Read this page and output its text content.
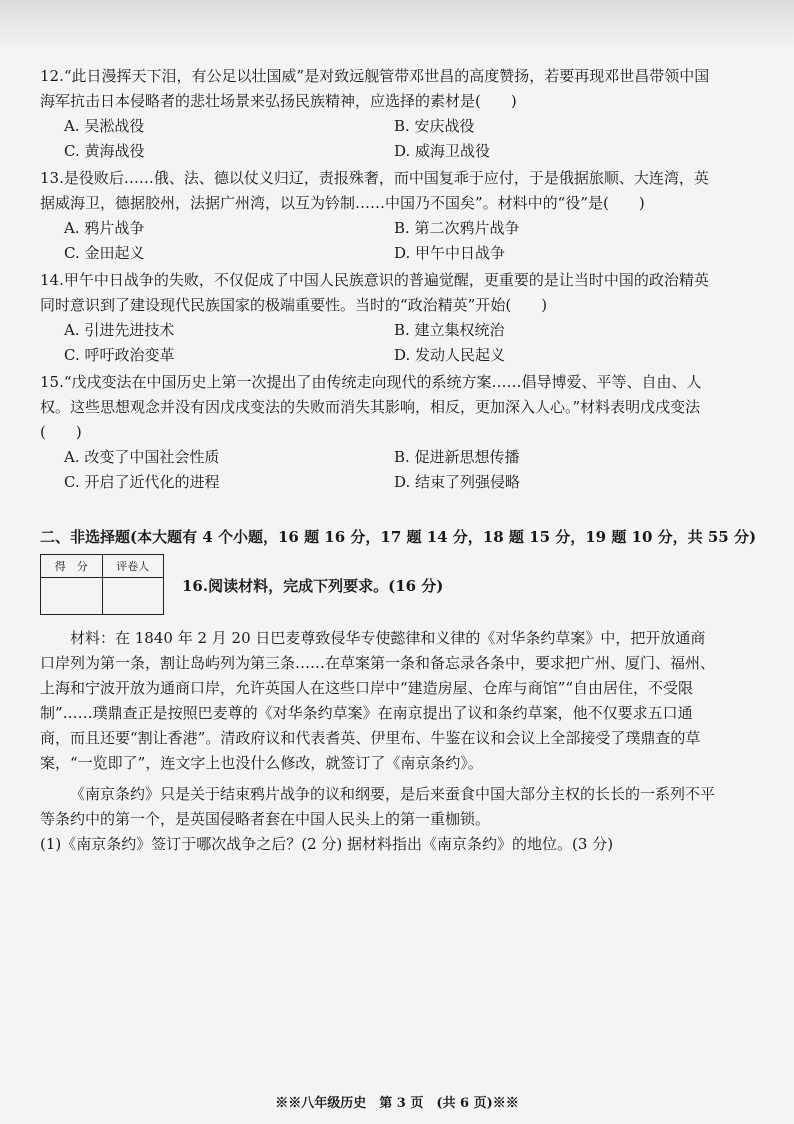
12.“此日漫挥天下泪，有公足以壮国威”是对致远舰管带邓世昌的高度赞扬，若要再现邓世昌带领中国海军抗击日本侵略者的悲壮场景来弘扬民族精神，应选择的素材是(　　)
A. 吴淞战役	B. 安庆战役
C. 黄海战役	D. 威海卫战役
13.是役败后……俄、法、德以仗义归辽，责报殊奢，而中国复乖于应付，于是俄据旅顺、大连湾，英据威海卫，德据胶州，法据广州湾，以互为钤制……中国乃不国矣”。材料中的“役”是(　　)
A. 鸦片战争	B. 第二次鸦片战争
C. 金田起义	D. 甲午中日战争
14.甲午中日战争的失败，不仅促成了中国人民族意识的普遍觉醒，更重要的是让当时中国的政治精英同时意识到了建设现代民族国家的极端重要性。当时的“政治精英”开始(　　)
A. 引进先进技术	B. 建立集权统治
C. 呼吁政治变革	D. 发动人民起义
15.“戊戌变法在中国历史上第一次提出了由传统走向现代的系统方案……倡导博爱、平等、自由、人权。这些思想观念并没有因戊戌变法的失败而消失其影响，相反，更加深入人心。”材料表明戊戌变法(　　)
A. 改变了中国社会性质	B. 促进新思想传播
C. 开启了近代化的进程	D. 结束了列强侵略
二、非选择题(本大题有 4 个小题，16 题 16 分，17 题 14 分，18 题 15 分，19 题 10 分，共 55 分)
得　分	评卷人

16.阅读材料，完成下列要求。(16 分)
材料：在 1840 年 2 月 20 日巴麦尊致侵华专使懿律和义律的《对华条约草案》中，把开放通商口岸列为第一条，割让岛屿列为第三条……在草案第一条和备忘录各条中，要求把广州、厦门、福州、上海和宁波开放为通商口岸，允许英国人在这些口岸中“建造房屋、仓库与商馆”“自由居住，不受限制”……璞鼎查正是按照巴麦尊的《对华条约草案》在南京提出了议和条约草案，他不仅要求五口通商，而且还要“割让香港”。清政府议和代表耆英、伊里布、牛鉴在议和会议上全部接受了璞鼎查的草案，“一览即了”，连文字上也没什么修改，就签订了《南京条约》。
《南京条约》只是关于结束鸦片战争的议和纲要，是后来蚕食中国大部分主权的长长的一系列不平等条约中的第一个，是英国侵略者套在中国人民头上的第一重枷锁。
(1)《南京条约》签订于哪次战争之后？(2 分) 据材料指出《南京条约》的地位。(3 分)
※※八年级历史　第 3 页　(共 6 页)※※
